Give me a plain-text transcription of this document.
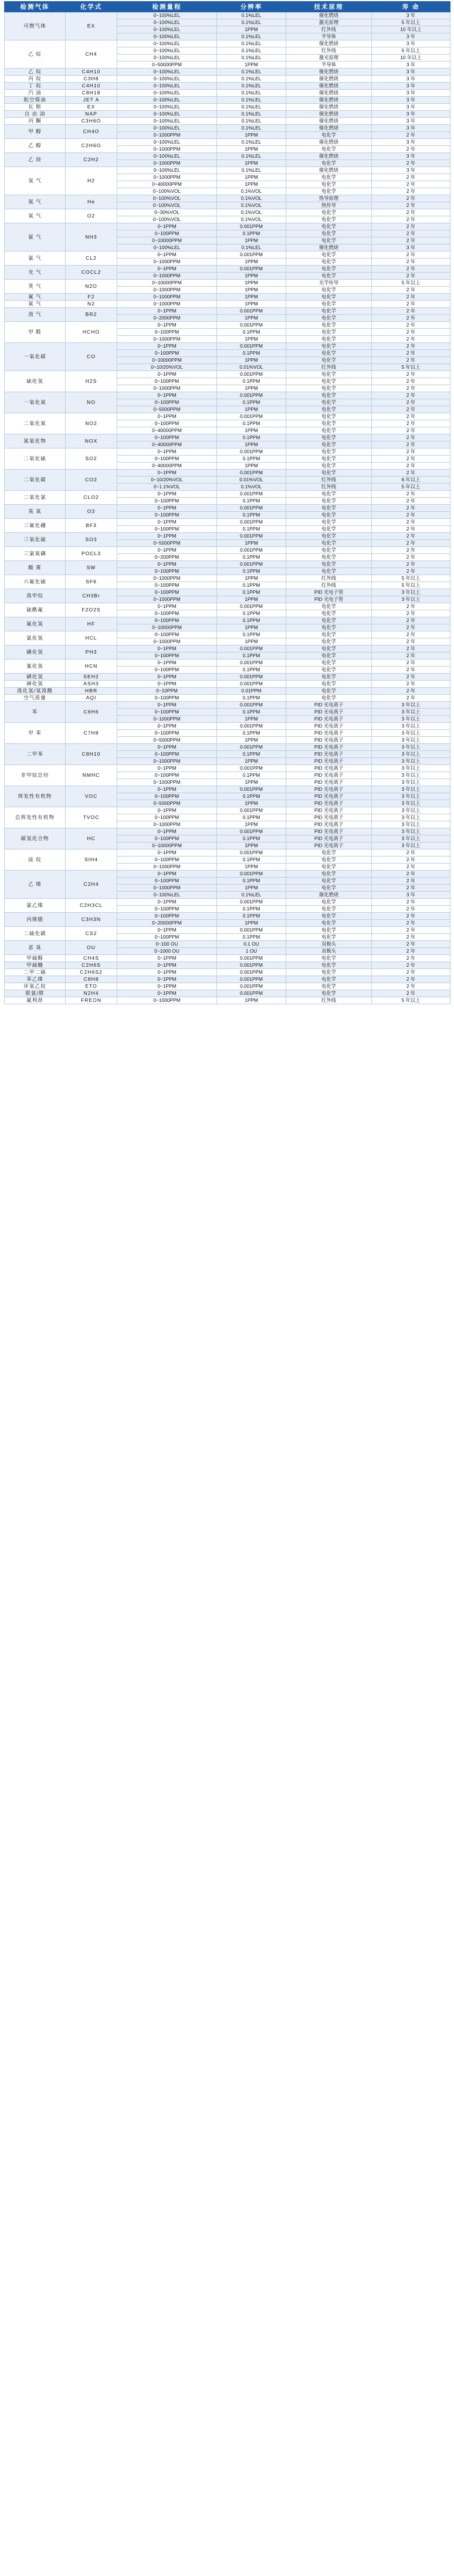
检测气体	化学式	检测量程	分辨率	技术原理	寿 命
可燃气体	EX	0~100%LEL	0.1%LEL	催化燃烧	3 年
		0~100%LEL	0.1%LEL	激光原理	5 年以上
		0~100%LEL	1PPM	红外线	10 年以上
		0~100%LEL	0.1%LEL	半导体	3 年
乙 烷	CH4	0~100%LEL	0.1%LEL	催化燃烧	3 年
		0~100%LEL	0.1%LEL	红外线	5 年以上
		0~100%LEL	0.1%LEL	激光原理	10 年以上
		0~50000PPM	1PPM	半导体	3 年
乙 烷	C4H10	0~100%LEL	0.1%LEL	催化燃烧	3 年
丙 烷	C3H8	0~100%LEL	0.1%LEL	催化燃烧	3 年
丁 烷	C4H10	0~100%LEL	0.1%LEL	催化燃烧	3 年
汽 油	C8H18	0~100%LEL	0.1%LEL	催化燃烧	3 年
航空煤油	JET A	0~100%LEL	0.1%LEL	催化燃烧	3 年
瓦 斯	EX	0~100%LEL	0.1%LEL	催化燃烧	3 年
自 由 油	NAP	0~100%LEL	0.1%LEL	催化燃烧	3 年
丙 酮	C3H6O	0~100%LEL	0.1%LEL	催化燃烧	3 年
甲 醇	CH4O	0~100%LEL	0.1%LEL	催化燃烧	3 年
		0~1000PPM	1PPM	电化学	2 年
乙 醇	C2H6O	0~100%LEL	0.1%LEL	催化燃烧	3 年
		0~1000PPM	1PPM	电化学	2 年
乙 炔	C2H2	0~100%LEL	0.1%LEL	催化燃烧	3 年
		0~1000PPM	1PPM	电化学	2 年
氢 气	H2	0~100%LEL	0.1%LEL	催化燃烧	3 年
		0~1000PPM	1PPM	电化学	2 年
		0~40000PPM	1PPM	电化学	2 年
		0~100%VOL	0.1%VOL	电化学	2 年
氦 气	He	0~100%VOL	0.1%VOL	热导原理	2 年
		0~100%VOL	0.1%VOL	热传导	2 年
氧 气	O2	0~30%VOL	0.1%VOL	电化学	2 年
		0~100%VOL	0.1%VOL	电化学	2 年
氨 气	NH3	0~1PPM	0.001PPM	电化学	2 年
		0~100PPM	0.1PPM	电化学	2 年
		0~10000PPM	1PPM	电化学	2 年
		0~100%LEL	0.1%LEL	催化燃烧	3 年
氯 气	CL2	0~1PPM	0.001PPM	电化学	2 年
		0~1000PPM	1PPM	电化学	2 年
光 气	COCL2	0~1PPM	0.001PPM	电化学	2 年
		0~1000PPM	1PPM	电化学	2 年
笑 气	N2O	0~10000PPM	1PPM	光学传导	5 年以上
		0~1000PPM	1PPM	电化学	2 年
氟 气	F2	0~1000PPM	1PPM	电化学	2 年
氮 气	N2	0~1000PPM	1PPM	电化学	2 年
溴 气	BR2	0~1PPM	0.001PPM	电化学	2 年
		0~2000PPM	1PPM	电化学	2 年
甲 醛	HCHO	0~1PPM	0.001PPM	电化学	2 年
		0~100PPM	0.1PPM	电化学	2 年
		0~1000PPM	1PPM	电化学	2 年
一氧化碳	CO	0~1PPM	0.001PPM	电化学	2 年
		0~100PPM	0.1PPM	电化学	2 年
		0~10000PPM	1PPM	电化学	2 年
		0~10/20%VOL	0.01%VOL	红外线	5 年以上
硫化氢	H2S	0~1PPM	0.001PPM	电化学	2 年
		0~100PPM	0.1PPM	电化学	2 年
		0~1000PPM	1PPM	电化学	2 年
一氧化氮	NO	0~1PPM	0.001PPM	电化学	2 年
		0~100PPM	0.1PPM	电化学	2 年
		0~5000PPM	1PPM	电化学	2 年
二氧化氮	NO2	0~1PPM	0.001PPM	电化学	2 年
		0~100PPM	0.1PPM	电化学	2 年
		0~40000PPM	1PPM	电化学	2 年
氮氧化物	NOX	0~100PPM	0.1PPM	电化学	2 年
		0~40000PPM	1PPM	电化学	2 年
二氧化硫	SO2	0~1PPM	0.001PPM	电化学	2 年
		0~100PPM	0.1PPM	电化学	2 年
		0~40000PPM	1PPM	电化学	2 年
二氧化碳	CO2	0~1PPM	0.001PPM	电化学	2 年
		0~10/20%VOL	0.01%VOL	红外线	6 年以上
		0~1.1%VOL	0.1%VOL	红外线	5 年以上
二氧化氯	CLO2	0~1PPM	0.001PPM	电化学	2 年
		0~100PPM	0.1PPM	电化学	2 年
臭 氧	O3	0~1PPM	0.001PPM	电化学	2 年
		0~100PPM	0.1PPM	电化学	2 年
三氟化硼	BF3	0~1PPM	0.001PPM	电化学	2 年
		0~100PPM	0.1PPM	电化学	2 年
三氧化硫	SO3	0~1PPM	0.001PPM	电化学	2 年
		0~5000PPM	1PPM	电化学	2 年
三氯氧磷	POCL3	0~1PPM	0.001PPM	电化学	2 年
		0~200PPM	0.1PPM	电化学	2 年
酸 雾	SW	0~1PPM	0.001PPM	电化学	2 年
		0~100PPM	0.1PPM	电化学	2 年
六氟化硫	SF6	0~1000PPM	1PPM	红外线	5 年以上
		0~100PPM	0.1PPM	红外线	5 年以上
溴甲烷	CH3Br	0~100PPM	0.1PPM	PID 光电子管	3 年以上
		0~1000PPM	1PPM	PID 光电子管	3 年以上
硫酰氟	F2O2S	0~1PPM	0.001PPM	电化学	2 年
		0~100PPM	0.1PPM	电化学	2 年
氟化氢	HF	0~100PPM	0.1PPM	电化学	2 年
		0~10000PPM	1PPM	电化学	2 年
氯化氢	HCL	0~100PPM	0.1PPM	电化学	2 年
		0~1000PPM	1PPM	电化学	2 年
磷化氢	PH3	0~1PPM	0.001PPM	电化学	2 年
		0~100PPM	0.1PPM	电化学	2 年
氰化氢	HCN	0~1PPM	0.001PPM	电化学	2 年
		0~100PPM	0.1PPM	电化学	2 年
硒化氢	SEH2	0~1PPM	0.001PPM	电化学	2 年
砷化氢	ASH3	0~1PPM	0.001PPM	电化学	2 年
溴化氢/氢溴酸	HBR	0~10PPM	0.01PPM	电化学	2 年
空气质量	AQI	0~100PPM	0.1PPM	电化学	2 年
苯	C6H6	0~1PPM	0.001PPM	PID 光电离子	3 年以上
		0~100PPM	0.1PPM	PID 光电离子	3 年以上
		0~1000PPM	1PPM	PID 光电离子	3 年以上
甲 苯	C7H8	0~1PPM	0.001PPM	PID 光电离子	3 年以上
		0~100PPM	0.1PPM	PID 光电离子	3 年以上
		0~5000PPM	1PPM	PID 光电离子	3 年以上
二甲苯	C8H10	0~1PPM	0.001PPM	PID 光电离子	3 年以上
		0~100PPM	0.1PPM	PID 光电离子	3 年以上
		0~1000PPM	1PPM	PID 光电离子	3 年以上
非甲烷总烃	NMHC	0~1PPM	0.001PPM	PID 光电离子	3 年以上
		0~100PPM	0.1PPM	PID 光电离子	3 年以上
		0~1000PPM	1PPM	PID 光电离子	3 年以上
挥发性有机物	VOC	0~1PPM	0.001PPM	PID 光电离子	3 年以上
		0~100PPM	0.1PPM	PID 光电离子	3 年以上
		0~5000PPM	1PPM	PID 光电离子	3 年以上
总挥发性有机物	TVOC	0~1PPM	0.001PPM	PID 光电离子	3 年以上
		0~100PPM	0.1PPM	PID 光电离子	3 年以上
		0~1000PPM	1PPM	PID 光电离子	3 年以上
碳氢化合物	HC	0~1PPM	0.001PPM	PID 光电离子	3 年以上
		0~100PPM	0.1PPM	PID 光电离子	3 年以上
		0~10000PPM	1PPM	PID 光电离子	3 年以上
硅 烷	SIH4	0~1PPM	0.001PPM	电化学	2 年
		0~100PPM	0.1PPM	电化学	2 年
		0~1000PPM	1PPM	电化学	2 年
乙 烯	C2H4	0~1PPM	0.001PPM	电化学	2 年
		0~100PPM	0.1PPM	电化学	2 年
		0~1000PPM	1PPM	电化学	2 年
		0~100%LEL	0.1%LEL	催化燃烧	3 年
氯乙烯	C2H3CL	0~1PPM	0.001PPM	电化学	2 年
		0~100PPM	0.1PPM	电化学	2 年
丙烯腈	C3H3N	0~100PPM	0.1PPM	电化学	2 年
		0~20000PPM	1PPM	电化学	2 年
二硫化碳	CS2	0~1PPM	0.001PPM	电化学	2 年
		0~100PPM	0.1PPM	电化学	2 年
恶 臭	OU	0~100 OU	0.1 OU	双极头	2 年
		0~1000 OU	1 OU	双极头	2 年
甲硫醇	CH4S	0~1PPM	0.001PPM	电化学	2 年
甲硫醚	C2H6S	0~1PPM	0.001PPM	电化学	2 年
二甲二硫	C2H6S2	0~1PPM	0.001PPM	电化学	2 年
苯乙烯	C8H8	0~1PPM	0.001PPM	电化学	2 年
环氧乙烷	ETO	0~1PPM	0.001PPM	电化学	2 年
联氨/肼	N2H4	0~1PPM	0.001PPM	电化学	2 年
氟利昂	FREON	0~1000PPM	1PPM	红外线	5 年以上
